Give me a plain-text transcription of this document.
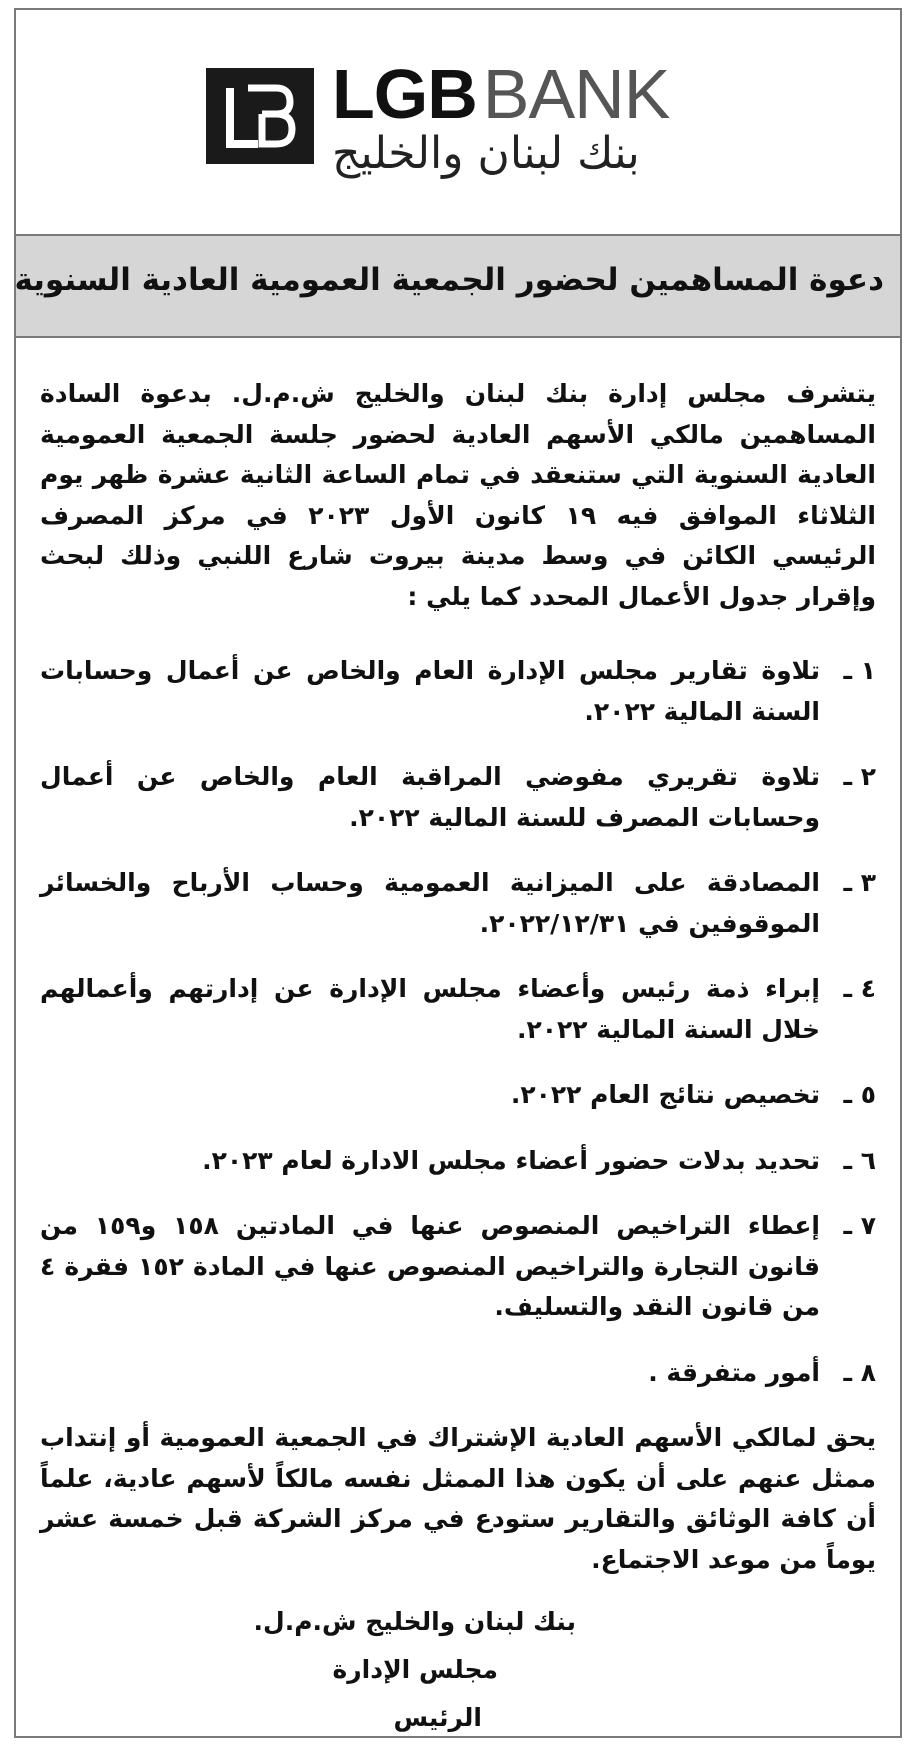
LGBBANK
بنك لبنان والخليج
دعوة المساهمين لحضور الجمعية العمومية العادية السنوية

يتشرف مجلس إدارة بنك لبنان والخليج ش.م.ل. بدعوة السادة المساهمين مالكي الأسهم العادية لحضور جلسة الجمعية العمومية العادية السنوية التي ستنعقد في تمام الساعة الثانية عشرة ظهر يوم الثلاثاء الموافق فيه ١٩ كانون الأول ٢٠٢٣ في مركز المصرف الرئيسي الكائن في وسط مدينة بيروت شارع اللنبي وذلك لبحث وإقرار جدول الأعمال المحدد كما يلي :

١ ـ
تلاوة تقارير مجلس الإدارة العام والخاص عن أعمال وحسابات السنة المالية ٢٠٢٢.
٢ ـ
تلاوة تقريري مفوضي المراقبة العام والخاص عن أعمال وحسابات المصرف للسنة المالية ٢٠٢٢.
٣ ـ
المصادقة على الميزانية العمومية وحساب الأرباح والخسائر الموقوفين في ٢٠٢٢/١٢/٣١.
٤ ـ
إبراء ذمة رئيس وأعضاء مجلس الإدارة عن إدارتهم وأعمالهم خلال السنة المالية ٢٠٢٢.
٥ ـ
تخصيص نتائج العام ٢٠٢٢.
٦ ـ
تحديد بدلات حضور أعضاء مجلس الادارة لعام ٢٠٢٣.
٧ ـ
إعطاء التراخيص المنصوص عنها في المادتين ١٥٨ و١٥٩ من قانون التجارة والتراخيص المنصوص عنها في المادة ١٥٢ فقرة ٤ من قانون النقد والتسليف.
٨ ـ
أمور متفرقة .

يحق لمالكي الأسهم العادية الإشتراك في الجمعية العمومية أو إنتداب ممثل عنهم على أن يكون هذا الممثل نفسه مالكاً لأسهم عادية، علماً أن كافة الوثائق والتقارير ستودع في مركز الشركة قبل خمسة عشر يوماً من موعد الاجتماع.

بنك لبنان والخليج ش.م.ل.
مجلس الإدارة
الرئيس
